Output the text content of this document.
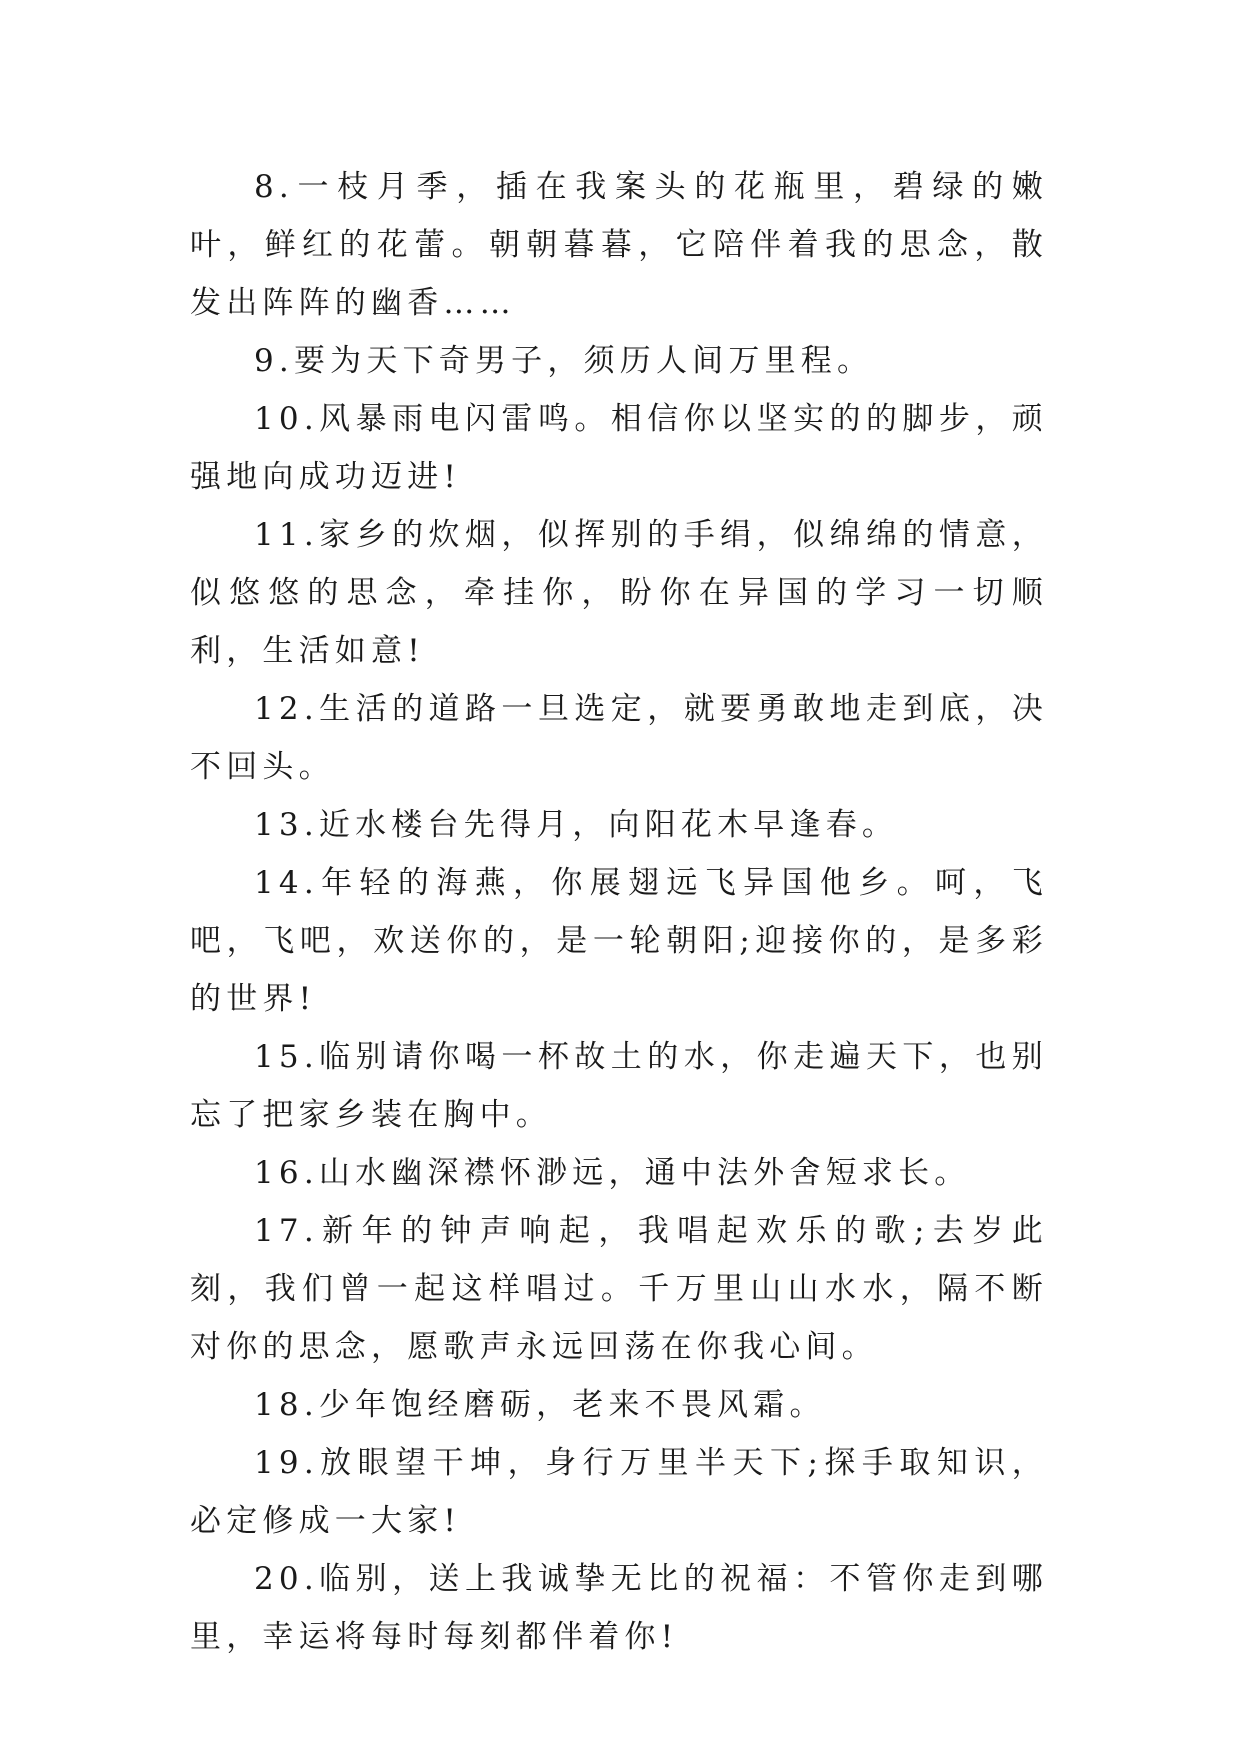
8.一枝月季，插在我案头的花瓶里，碧绿的嫩叶，鲜红的花蕾。朝朝暮暮，它陪伴着我的思念，散发出阵阵的幽香……

9.要为天下奇男子，须历人间万里程。

10.风暴雨电闪雷鸣。相信你以坚实的的脚步，顽强地向成功迈进!

11.家乡的炊烟，似挥别的手绢，似绵绵的情意，似悠悠的思念，牵挂你，盼你在异国的学习一切顺利，生活如意!

12.生活的道路一旦选定，就要勇敢地走到底，决不回头。

13.近水楼台先得月，向阳花木早逢春。

14.年轻的海燕，你展翅远飞异国他乡。呵，飞吧，飞吧，欢送你的，是一轮朝阳;迎接你的，是多彩的世界!

15.临别请你喝一杯故土的水，你走遍天下，也别忘了把家乡装在胸中。

16.山水幽深襟怀渺远，通中法外舍短求长。

17.新年的钟声响起，我唱起欢乐的歌;去岁此刻，我们曾一起这样唱过。千万里山山水水，隔不断对你的思念，愿歌声永远回荡在你我心间。

18.少年饱经磨砺，老来不畏风霜。

19.放眼望干坤，身行万里半天下;探手取知识，必定修成一大家!

20.临别，送上我诚挚无比的祝福：不管你走到哪里，幸运将每时每刻都伴着你!
